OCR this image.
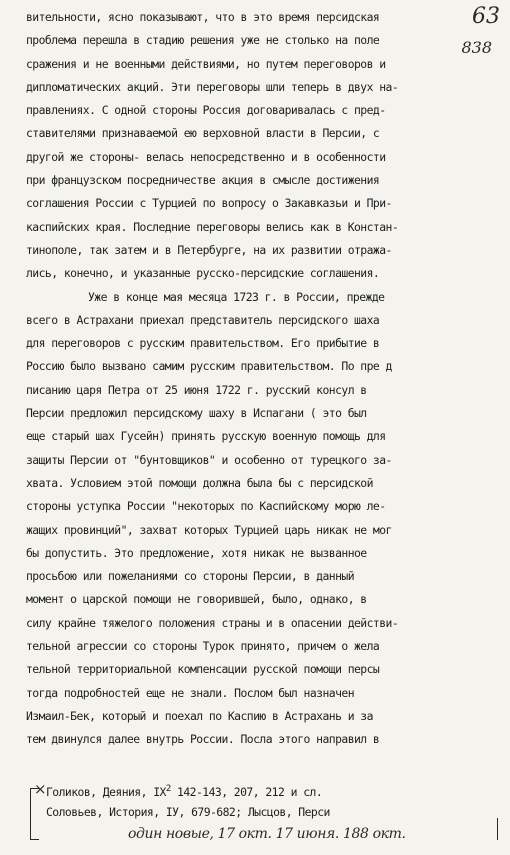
63
838
вительности, ясно показывают, что в это время персидская
проблема перешла в стадию решения уже не столько на поле
сражения и не военными действиями, но путем переговоров и
дипломатических акций. Эти переговоры шли теперь в двух на-
правлениях. С одной стороны Россия договаривалась с пред-
ставителями признаваемой ею верховной власти в Персии, с
другой же стороны- велась непосредственно и в особенности
при французском посредничестве акция в смысле достижения
соглашения России с Турцией по вопросу о Закавказьи и При-
каспийских края. Последние переговоры велись как в Констан-
тинополе, так затем и в Петербурге, на их развитии отража-
лись, конечно, и указанные русско-персидские соглашения.
Уже в конце мая месяца 1723 г. в России, прежде
всего в Астрахани приехал представитель персидского шаха
для переговоров с русским правительством. Его прибытие в
Россию было вызвано самим русским правительством. По пре д
писанию царя Петра от 25 июня 1722 г. русский консул в
Персии предложил персидскому шаху в Испагани ( это был
еще старый шах Гусейн) принять русскую военную помощь для
защиты Персии от "бунтовщиков" и особенно от турецкого за-
хвата. Условием этой помощи должна была бы с персидской
стороны уступка России "некоторых по Каспийскому морю ле-
жащих провинций", захват которых Турцией царь никак не мог
бы допустить. Это предложение, хотя никак не вызванное
просьбою или пожеланиями со стороны Персии, в данный
момент о царской помощи не говорившей, было, однако, в
силу крайне тяжелого положения страны и в опасении действи-
тельной агрессии со стороны Турок принято, причем о жела
тельной территориальной компенсации русской помощи персы
тогда подробностей еще не знали. Послом был назначен
Измаил-Бек, который и поехал по Каспию в Астрахань и за
тем двинулся далее внутрь России. Посла этого направил в
× Голиков, Деяния, $IX^2$ 142-143, 207, 212 и сл.
Соловьев, История, IУ, 679-682; Лысцов, Перси
один новые, 17 окт. 17 июня. 188 окт.
